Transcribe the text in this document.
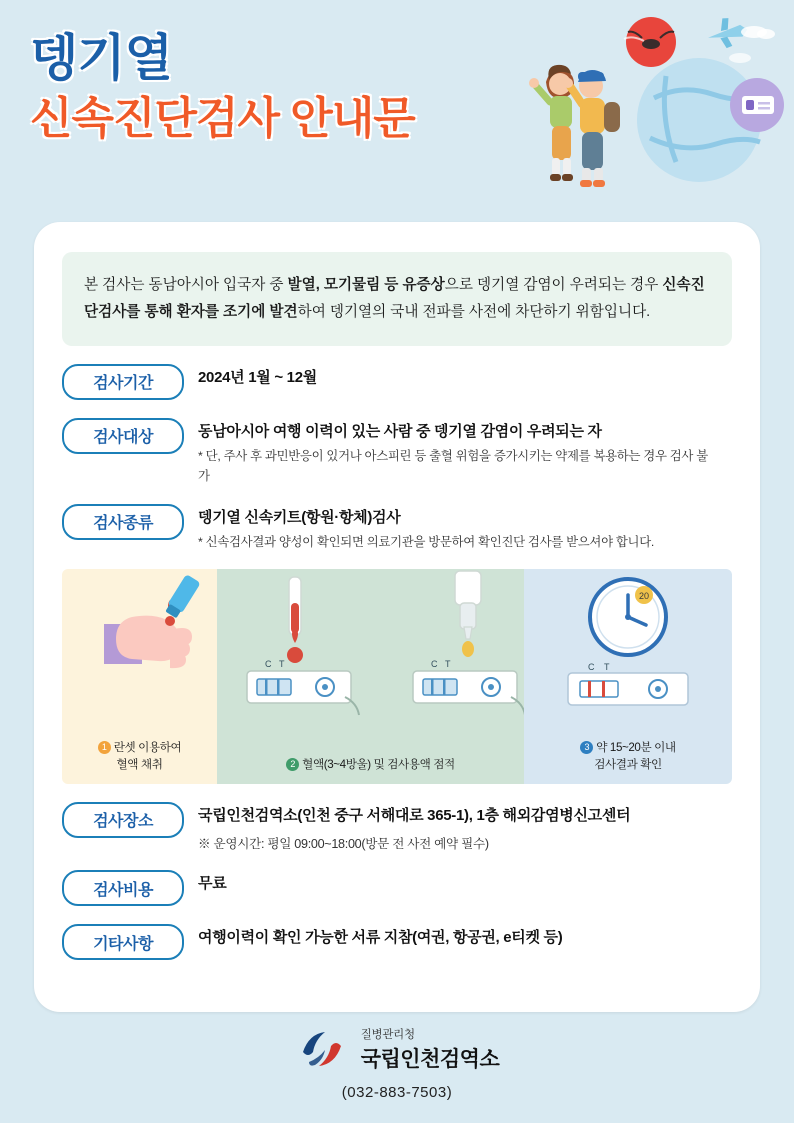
뎅기열
신속진단검사 안내문
본 검사는 동남아시아 입국자 중 발열, 모기물림 등 유증상으로 뎅기열 감염이 우려되는 경우 신속진단검사를 통해 환자를 조기에 발견하여 뎅기열의 국내 전파를 사전에 차단하기 위함입니다.
검사기간	2024년 1월 ~ 12월
검사대상	동남아시아 여행 이력이 있는 사람 중 뎅기열 감염이 우려되는 자
* 단, 주사 후 과민반응이 있거나 아스피린 등 출혈 위험을 증가시키는 약제를 복용하는 경우 검사 불가
검사종류	뎅기열 신속키트(항원·항체)검사
* 신속검사결과 양성이 확인되면 의료기관을 방문하여 확인진단 검사를 받으셔야 합니다.
1 란셋 이용하여
혈액 채취
C T	C T
2 혈액(3~4방울) 및 검사용액 점적
20
C T
3 약 15~20분 이내
검사결과 확인
검사장소	국립인천검역소(인천 중구 서해대로 365-1), 1층 해외감염병신고센터
※ 운영시간: 평일 09:00~18:00(방문 전 사전 예약 필수)
검사비용	무료
기타사항	여행이력이 확인 가능한 서류 지참(여권, 항공권, e티켓 등)
질병관리청
국립인천검역소
(032-883-7503)
